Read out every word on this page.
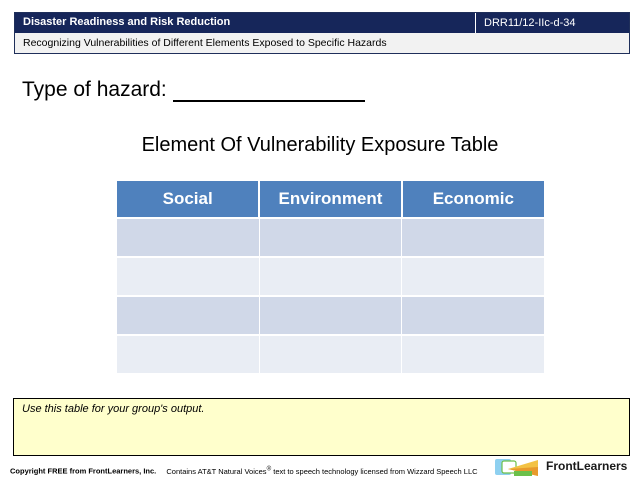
Disaster Readiness and Risk Reduction	DRR11/12-IIc-d-34
Recognizing Vulnerabilities of Different Elements Exposed to Specific Hazards
Type of hazard:
Element Of Vulnerability Exposure Table
Social	Environment	Economic

Use this table for your group's output.
Copyright FREE from FrontLearners, Inc. Contains AT&T Natural Voices® text to speech technology licensed from Wizzard Speech LLC	FrontLearners
